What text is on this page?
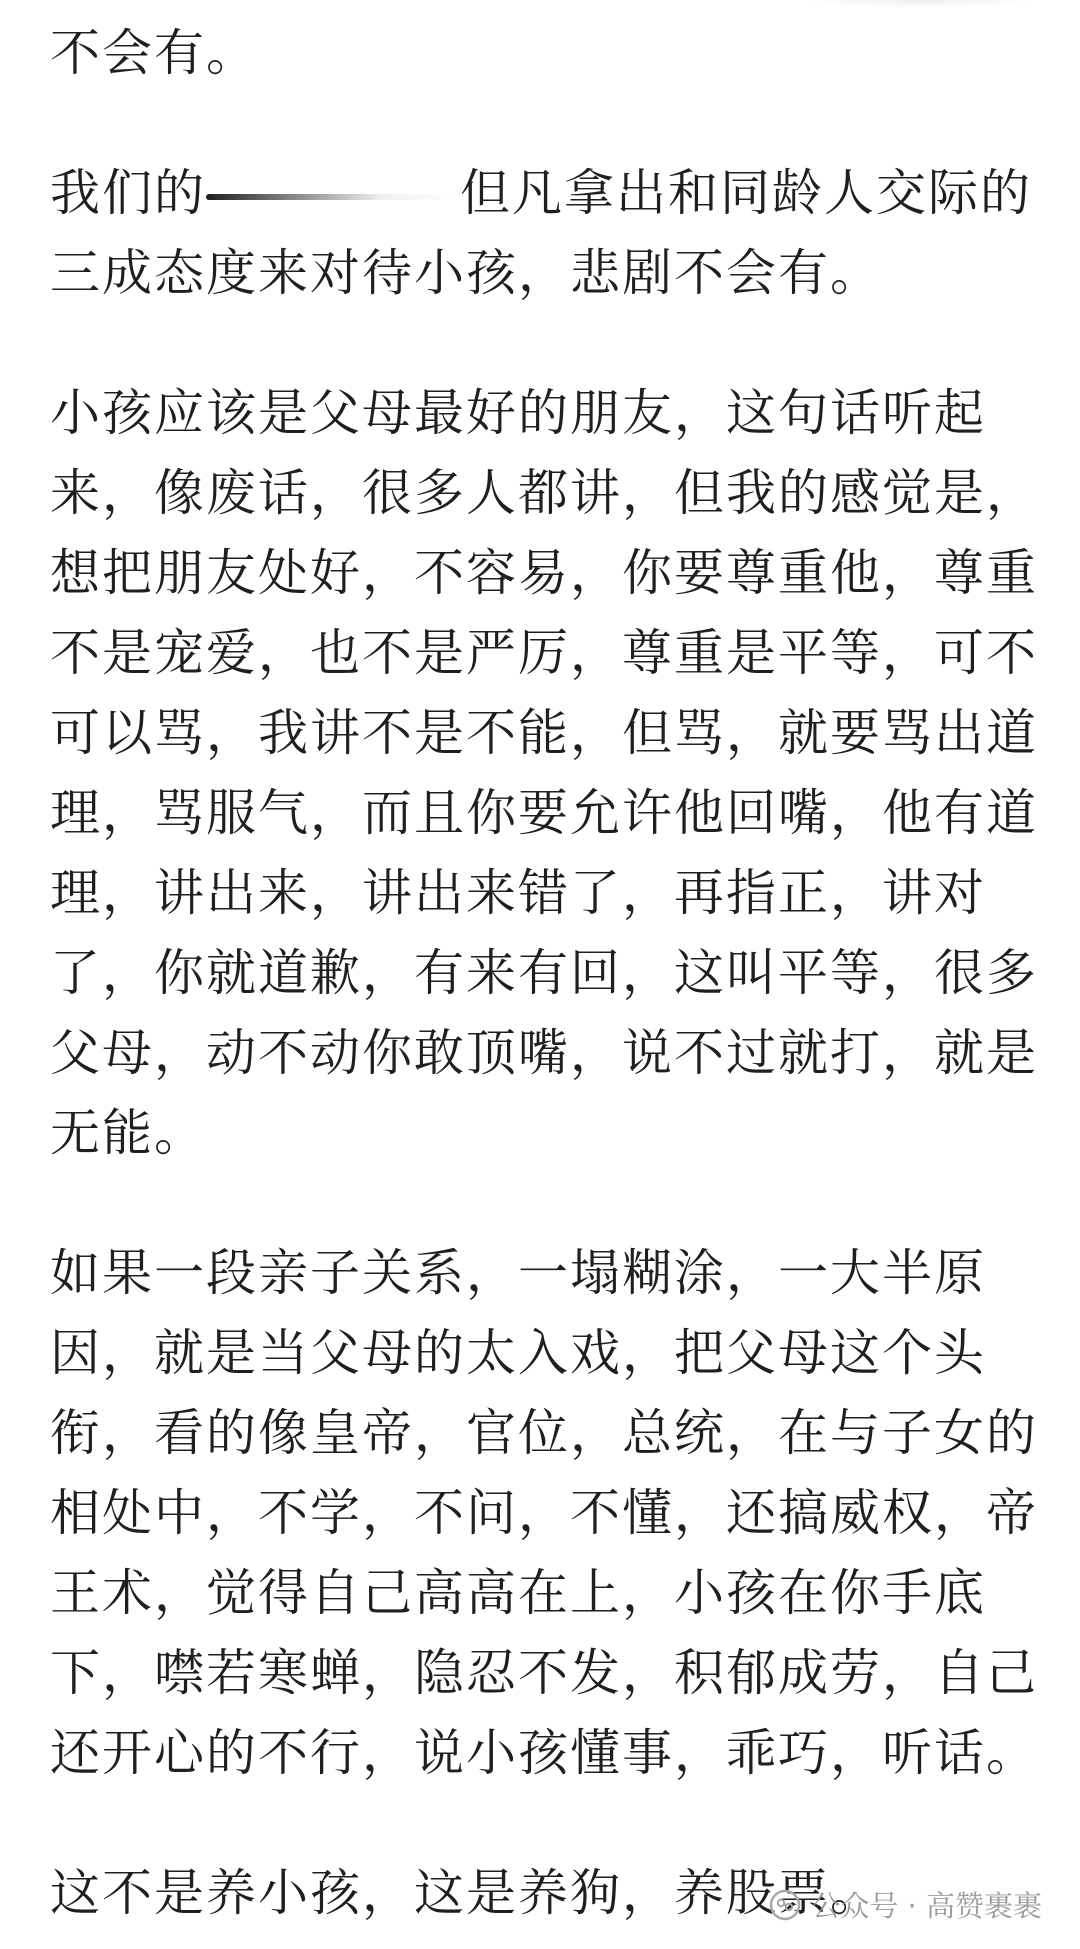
不会有。

我们的	但凡拿出和同龄人交际的
三成态度来对待小孩，悲剧不会有。

小孩应该是父母最好的朋友，这句话听起
来，像废话，很多人都讲，但我的感觉是，
想把朋友处好，不容易，你要尊重他，尊重
不是宠爱，也不是严厉，尊重是平等，可不
可以骂，我讲不是不能，但骂，就要骂出道
理，骂服气，而且你要允许他回嘴，他有道
理，讲出来，讲出来错了，再指正，讲对
了，你就道歉，有来有回，这叫平等，很多
父母，动不动你敢顶嘴，说不过就打，就是
无能。

如果一段亲子关系，一塌糊涂，一大半原
因，就是当父母的太入戏，把父母这个头
衔，看的像皇帝，官位，总统，在与子女的
相处中，不学，不问，不懂，还搞威权，帝
王术，觉得自己高高在上，小孩在你手底
下，噤若寒蝉，隐忍不发，积郁成劳，自己
还开心的不行，说小孩懂事，乖巧，听话。

这不是养小孩，这是养狗，养股票。

公众号 · 高赞裹裹
